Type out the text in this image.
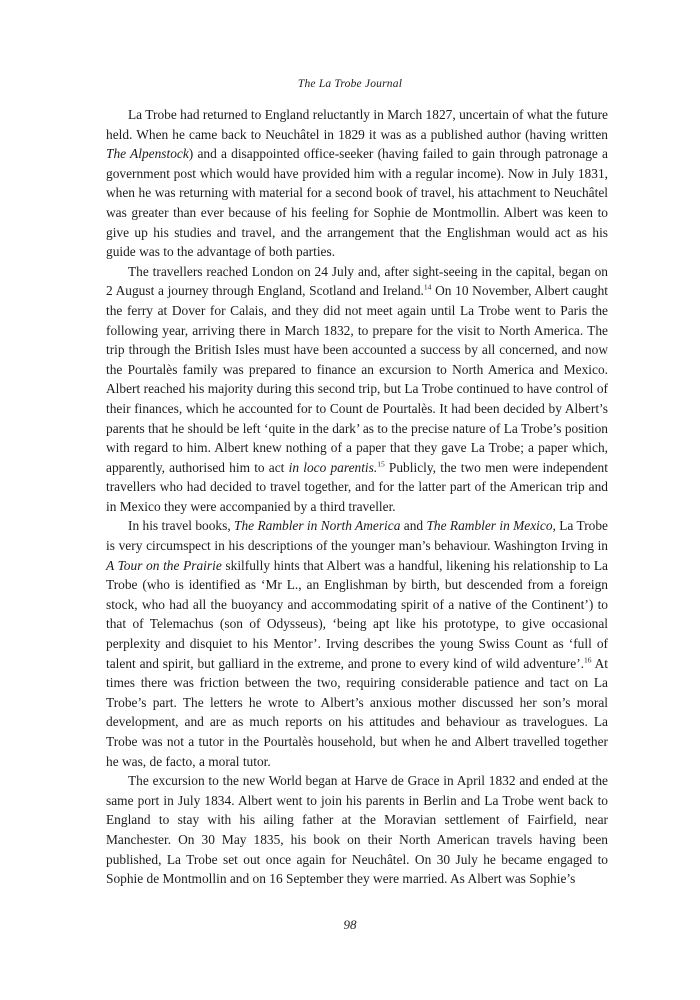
The La Trobe Journal

La Trobe had returned to England reluctantly in March 1827, uncertain of what the future held. When he came back to Neuchâtel in 1829 it was as a published author (having written The Alpenstock) and a disappointed office-seeker (having failed to gain through patronage a government post which would have provided him with a regular income). Now in July 1831, when he was returning with material for a second book of travel, his attachment to Neuchâtel was greater than ever because of his feeling for Sophie de Montmollin. Albert was keen to give up his studies and travel, and the arrangement that the Englishman would act as his guide was to the advantage of both parties.

The travellers reached London on 24 July and, after sight-seeing in the capital, began on 2 August a journey through England, Scotland and Ireland.$^{14}$ On 10 November, Albert caught the ferry at Dover for Calais, and they did not meet again until La Trobe went to Paris the following year, arriving there in March 1832, to prepare for the visit to North America. The trip through the British Isles must have been accounted a success by all concerned, and now the Pourtalès family was prepared to finance an excursion to North America and Mexico. Albert reached his majority during this second trip, but La Trobe continued to have control of their finances, which he accounted for to Count de Pourtalès. It had been decided by Albert’s parents that he should be left ‘quite in the dark’ as to the precise nature of La Trobe’s position with regard to him. Albert knew nothing of a paper that they gave La Trobe; a paper which, apparently, authorised him to act in loco parentis.$^{15}$ Publicly, the two men were independent travellers who had decided to travel together, and for the latter part of the American trip and in Mexico they were accompanied by a third traveller.

In his travel books, The Rambler in North America and The Rambler in Mexico, La Trobe is very circumspect in his descriptions of the younger man’s behaviour. Washington Irving in A Tour on the Prairie skilfully hints that Albert was a handful, likening his relationship to La Trobe (who is identified as ‘Mr L., an Englishman by birth, but descended from a foreign stock, who had all the buoyancy and accommodating spirit of a native of the Continent’) to that of Telemachus (son of Odysseus), ‘being apt like his prototype, to give occasional perplexity and disquiet to his Mentor’. Irving describes the young Swiss Count as ‘full of talent and spirit, but galliard in the extreme, and prone to every kind of wild adventure’.$^{16}$ At times there was friction between the two, requiring considerable patience and tact on La Trobe’s part. The letters he wrote to Albert’s anxious mother discussed her son’s moral development, and are as much reports on his attitudes and behaviour as travelogues. La Trobe was not a tutor in the Pourtalès household, but when he and Albert travelled together he was, de facto, a moral tutor.

The excursion to the new World began at Harve de Grace in April 1832 and ended at the same port in July 1834. Albert went to join his parents in Berlin and La Trobe went back to England to stay with his ailing father at the Moravian settlement of Fairfield, near Manchester. On 30 May 1835, his book on their North American travels having been published, La Trobe set out once again for Neuchâtel. On 30 July he became engaged to Sophie de Montmollin and on 16 September they were married. As Albert was Sophie’s

98
